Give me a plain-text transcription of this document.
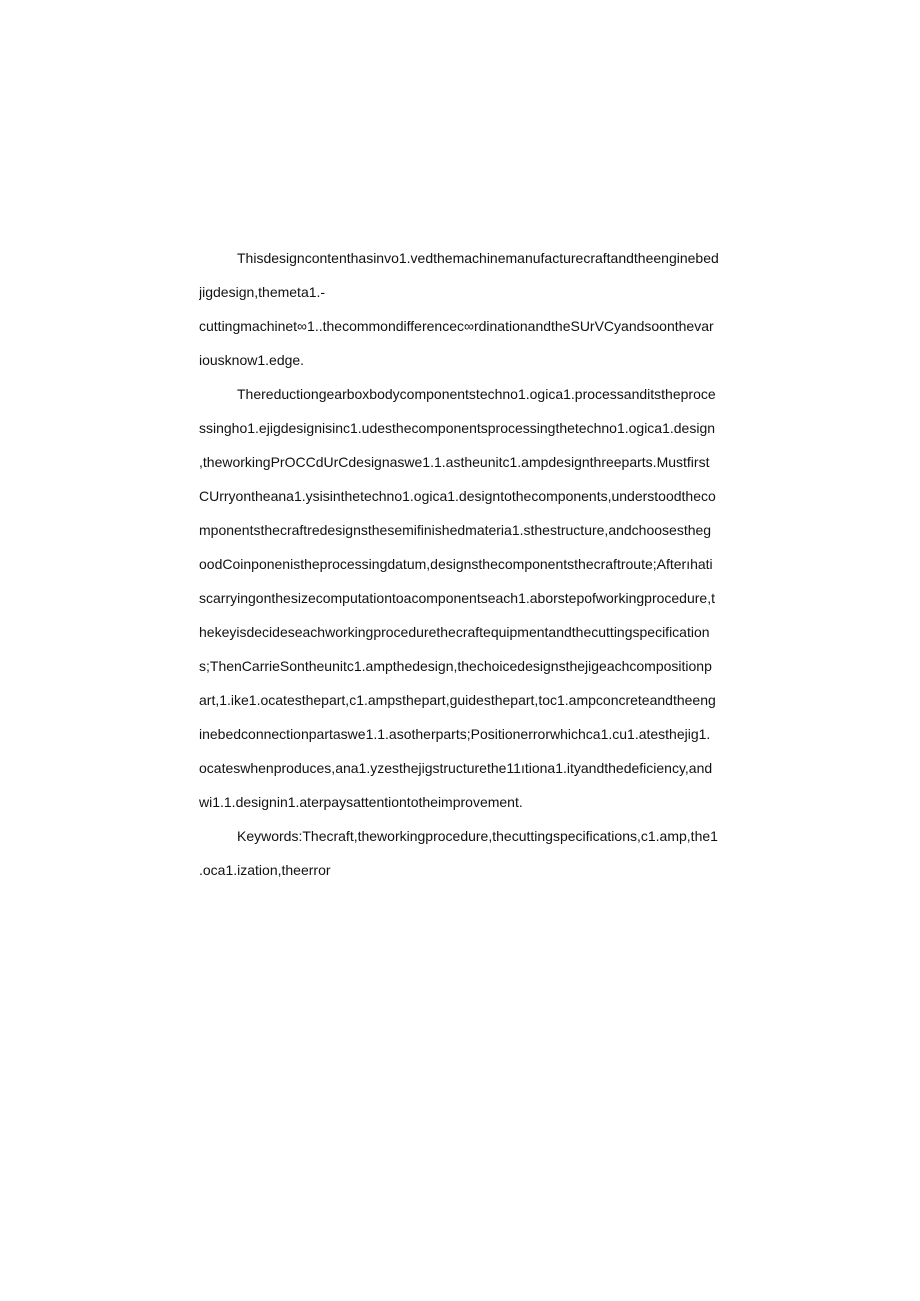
Thisdesigncontenthasinvo1.vedthemachinemanufacturecraftandtheenginebed
jigdesign,themeta1.-
cuttingmachinet∞1..thecommondifferencec∞rdinationandtheSUrVCyandsoonthevar
iousknow1.edge.
Thereductiongearboxbodycomponentstechno1.ogica1.processanditstheproce
ssingho1.ejigdesignisinc1.udesthecomponentsprocessingthetechno1.ogica1.design
,theworkingPrOCCdUrCdesignaswe1.1.astheunitc1.ampdesignthreeparts.Mustfirst
CUrryontheana1.ysisinthetechno1.ogica1.designtothecomponents,understoodtheco
mponentsthecraftredesignsthesemifinishedmateria1.sthestructure,andchoosestheg
oodCoinponenistheprocessingdatum,designsthecomponentsthecraftroute;Afterıhati
scarryingonthesizecomputationtoacomponentseach1.aborstepofworkingprocedure,t
hekeyisdecideseachworkingprocedurethecraftequipmentandthecuttingspecification
s;ThenCarrieSontheunitc1.ampthedesign,thechoicedesignsthejigeachcompositionp
art,1.ike1.ocatesthepart,c1.ampsthepart,guidesthepart,toc1.ampconcreteandtheeng
inebedconnectionpartaswe1.1.asotherparts;Positionerrorwhichca1.cu1.atesthejig1.
ocateswhenproduces,ana1.yzesthejigstructurethe11ıtiona1.ityandthedeficiency,and
wi1.1.designin1.aterpaysattentiontotheimprovement.
Keywords:Thecraft,theworkingprocedure,thecuttingspecifications,c1.amp,the1
.oca1.ization,theerror
